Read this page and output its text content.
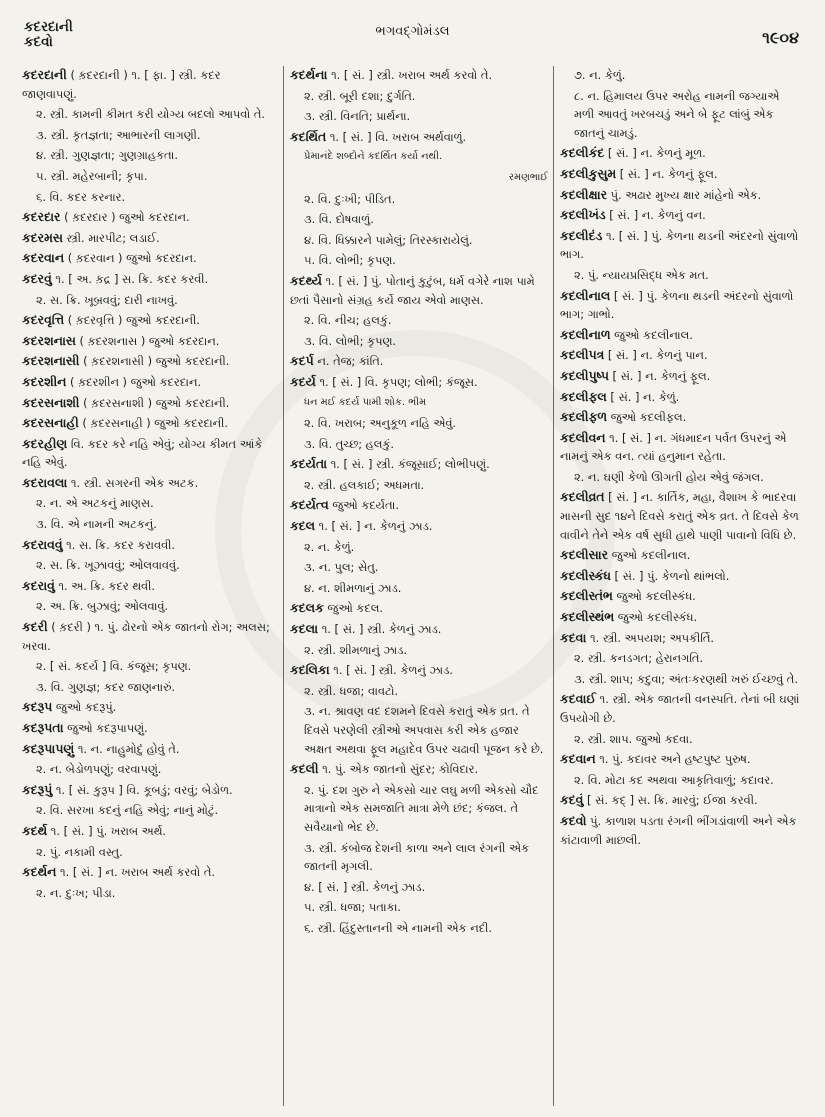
કદરદાની
કદવો
ભગવદ્ગોમંડલ	૧૯૦૪

કદરદાની ( ક઼દરદાની ) ૧. [ ફા. ] સ્ત્રી. કદર જાણવાપણું.

૨. સ્ત્રી. કામની કીમત કરી યોગ્ય બદલો આપવો તે.

૩. સ્ત્રી. કૃતજ્ઞતા; આભારની લાગણી.

૪. સ્ત્રી. ગુણજ્ઞતા; ગુણગ્રાહકતા.

૫. સ્ત્રી. મહેરબાની; કૃપા.

૬. વિ. કદર કરનાર.

કદરદાર ( ક઼દરદાર ) જુઓ કદરદાન.

કદરમસ સ્ત્રી. મારપીટ; લડાઈ.

કદરવાન ( ક઼દરવાન ) જુઓ કદરદાન.

કદરવું ૧. [ અ. ક઼દ્ર ] સ. ક્રિ. કદર કરવી.

૨. સ. ક્રિ. ખૂબ્રવવું; દારી નાખવું.

કદરવૃત્તિ ( ક઼દરવૃત્તિ ) જુઓ કદરદાની.

કદરશનાસ ( ક઼દરશનાસ ) જુઓ કદરદાન.

કદરશનાસી ( ક઼દરશનાસી ) જુઓ કદરદાની.

કદરશીન ( ક઼દરશીન ) જુઓ કદરદાન.

કદરસનાશી ( ક઼દરસનાશી ) જુઓ કદરદાની.

કદરસનાહી ( ક઼દરસનાહી ) જુઓ કદરદાની.

કદરહીણ વિ. કદર કરે નહિ એવું; યોગ્ય કીમત આંકે નહિ એવું.

કદરાવલા ૧. સ્ત્રી. સગરની એક અટક.

૨. ન. એ અટકનું માણસ.

૩. વિ. એ નામની અટકનું.

કદરાવવું ૧. સ. ક્રિ. કદર કરાવવી.

૨. સ. ક્રિ. ખૂઝાવવું; ઓલવાવવું.

કદરાવું ૧. અ. ક્રિ. કદર થવી.

૨. અ. ક્રિ. બુઝાવું; ઓલવાવું.

કદરી ( ક઼દરી ) ૧. પું. ઢોરનો એક જાતનો રોગ; અલસ; ખરવા.

૨. [ સં. કદર્ય ] વિ. કંજૂસ; કૃપણ.

૩. વિ. ગુણજ્ઞ; કદર જાણનારું.

કદરૂપ જુઓ કદરૂપું.

કદરૂપતા જુઓ કદરૂપાપણું.

કદરૂપાપણું ૧. ન. નાહુમોદું હોવું તે.

૨. ન. બેડોળપણું; વરવાપણું.

કદરૂપું ૧. [ સં. કુરૂપ ] વિ. કૂબડું; વરવું; બેડોળ.

૨. વિ. સરખા કદનું નહિ એવું; નાનું મોટું.

કદર્થ ૧. [ સં. ] પું. ખરાબ અર્થ.

૨. પું. નકામી વસ્તુ.

કદર્થન ૧. [ સં. ] ન. ખરાબ અર્થ કરવો તે.

૨. ન. દુઃખ; પીડા.

કદર્થના ૧. [ સં. ] સ્ત્રી. ખરાબ અર્થ કરવો તે.

૨. સ્ત્રી. બૂરી દશા; દુર્ગતિ.

૩. સ્ત્રી. વિનતિ; પ્રાર્થના.

કદર્થિત ૧. [ સં. ] વિ. ખરાબ અર્થવાળું.

પ્રેમાનંદે શબ્દોને કદર્થિત કર્યા નથી.

રમણભાઈ

૨. વિ. દુઃખી; પીડિત.

૩. વિ. દોષવાળું.

૪. વિ. ધિક્કારને પામેલું; તિરસ્કારાયેલું.

૫. વિ. લોભી; કૃપણ.

કદર્થ્ય ૧. [ સં. ] પું. પોતાનું કુટુંબ, ધર્મ વગેરે નાશ પામે છતાં પૈસાનો સંગ્રહ કર્યે જાય એવો માણસ.

૨. વિ. નીચ; હલકું.

૩. વિ. લોભી; કૃપણ.

કદર્પ ન. તેજ; કાંતિ.

કદર્ય ૧. [ સં. ] વિ. કૃપણ; લોભી; કંજૂસ.

ધન મઈ કદર્ય પામી શોક. ભીમ

૨. વિ. ખરાબ; અનુકૂળ નહિ એવું.

૩. વિ. તુચ્છ; હલકું.

કદર્યતા ૧. [ સં. ] સ્ત્રી. કંજૂસાઈ; લોભીપણું.

૨. સ્ત્રી. હલકાઈ; અધમતા.

કદર્યત્વ જુઓ કદર્યતા.

કદલ ૧. [ સં. ] ન. કેળનું ઝાડ.

૨. ન. કેળું.

૩. ન. પુલ; સેતુ.

૪. ન. શીમળાનું ઝાડ.

કદલક જુઓ કદલ.

કદલા ૧. [ સં. ] સ્ત્રી. કેળનું ઝાડ.

૨. સ્ત્રી. શીમળાનું ઝાડ.

કદલિકા ૧. [ સં. ] સ્ત્રી. કેળનું ઝાડ.

૨. સ્ત્રી. ધજા; વાવટો.

૩. ન. શ્રાવણ વદ દશમને દિવસે કરાતું એક વ્રત. તે દિવસે પરણેલી સ્ત્રીઓ અપવાસ કરી એક હજાર અક્ષત અથવા ફૂલ મહાદેવ ઉપર ચઢાવી પૂજન કરે છે.

કદલી ૧. પું. એક જાતનો સુંદર; કોવિદાર.

૨. પું. દશ ગુરુ ને એકસો ચાર લઘુ મળી એકસો ચૌદ માત્રાનો એક સમજાતિ માત્રા મેળે છંદ; કંજલ. તે સવૈયાનો ભેદ છે.

૩. સ્ત્રી. કંબોજ દેશની કાળા અને લાલ રંગની એક જાતની મૃગલી.

૪. [ સં. ] સ્ત્રી. કેળનું ઝાડ.

૫. સ્ત્રી. ધજા; પતાકા.

૬. સ્ત્રી. હિંદુસ્તાનની એ નામની એક નદી.

૭. ન. કેળું.

૮. ન. હિમાલય ઉપર અરોહ નામની જગ્યાએ મળી આવતું ખરબચડું અને બે ફૂટ લાંબું એક જાતનું ચામડું.

કદલીકંદ [ સં. ] ન. કેળનું મૂળ.

કદલીકુસુમ [ સં. ] ન. કેળનું ફૂલ.

કદલીક્ષાર પું. અઢાર મુખ્ય ક્ષાર માંહેનો એક.

કદલીખંડ [ સં. ] ન. કેળનું વન.

કદલીદંડ ૧. [ સં. ] પું. કેળના થડની અંદરનો સુંવાળો ભાગ.

૨. પું. ન્યાયપ્રસિદ્ધ એક મત.

કદલીનાલ [ સં. ] પું. કેળના થડની અંદરનો સુંવાળો ભાગ; ગાભો.

કદલીનાળ જુઓ કદલીનાલ.

કદલીપત્ર [ સં. ] ન. કેળનું પાન.

કદલીપુષ્પ [ સં. ] ન. કેળનું ફૂલ.

કદલીફલ [ સં. ] ન. કેળું.

કદલીફળ જુઓ કદલીફલ.

કદલીવન ૧. [ સં. ] ન. ગંધમાદન પર્વત ઉપરનું એ નામનું એક વન. ત્યાં હનુમાન રહેતા.

૨. ન. ઘણી કેળો ઊગતી હોય એવું જંગલ.

કદલીવ્રત [ સં. ] ન. કાર્તિક, મહા, વૈશાખ કે ભાદરવા માસની સુદ ૧૪ને દિવસે કરાતું એક વ્રત. તે દિવસે કેળ વાવીને તેને એક વર્ષ સુધી હાથે પાણી પાવાનો વિધિ છે.

કદલીસાર જુઓ કદલીનાલ.

કદલીસ્કંધ [ સં. ] પું. કેળનો થાંભલો.

કદલીસ્તંભ જુઓ કદલીસ્કંધ.

કદલીસ્થંભ જુઓ કદલીસ્કંધ.

કદવા ૧. સ્ત્રી. અપયશ; અપકીર્તિ.

૨. સ્ત્રી. કનડગત; હેરાનગતિ.

૩. સ્ત્રી. શાપ; કદુવા; અંતઃકરણથી ખરું ઈચ્છવું તે.

કદવાઈ ૧. સ્ત્રી. એક જાતની વનસ્પતિ. તેનાં બી ઘણાં ઉપયોગી છે.

૨. સ્ત્રી. શાપ. જુઓ કદવા.

કદવાન ૧. પું. કદાવર અને હષ્ટપુષ્ટ પુરુષ.

૨. વિ. મોટા કદ અથવા આકૃતિવાળું; કદાવર.

કદવું [ સં. કદ્ ] સ. ક્રિ. મારવું; ઈજા કરવી.

કદવો પું. કાળાશ પડતા રંગની ભીંગડાંવાળી અને એક કાંટાવાળી માછલી.
